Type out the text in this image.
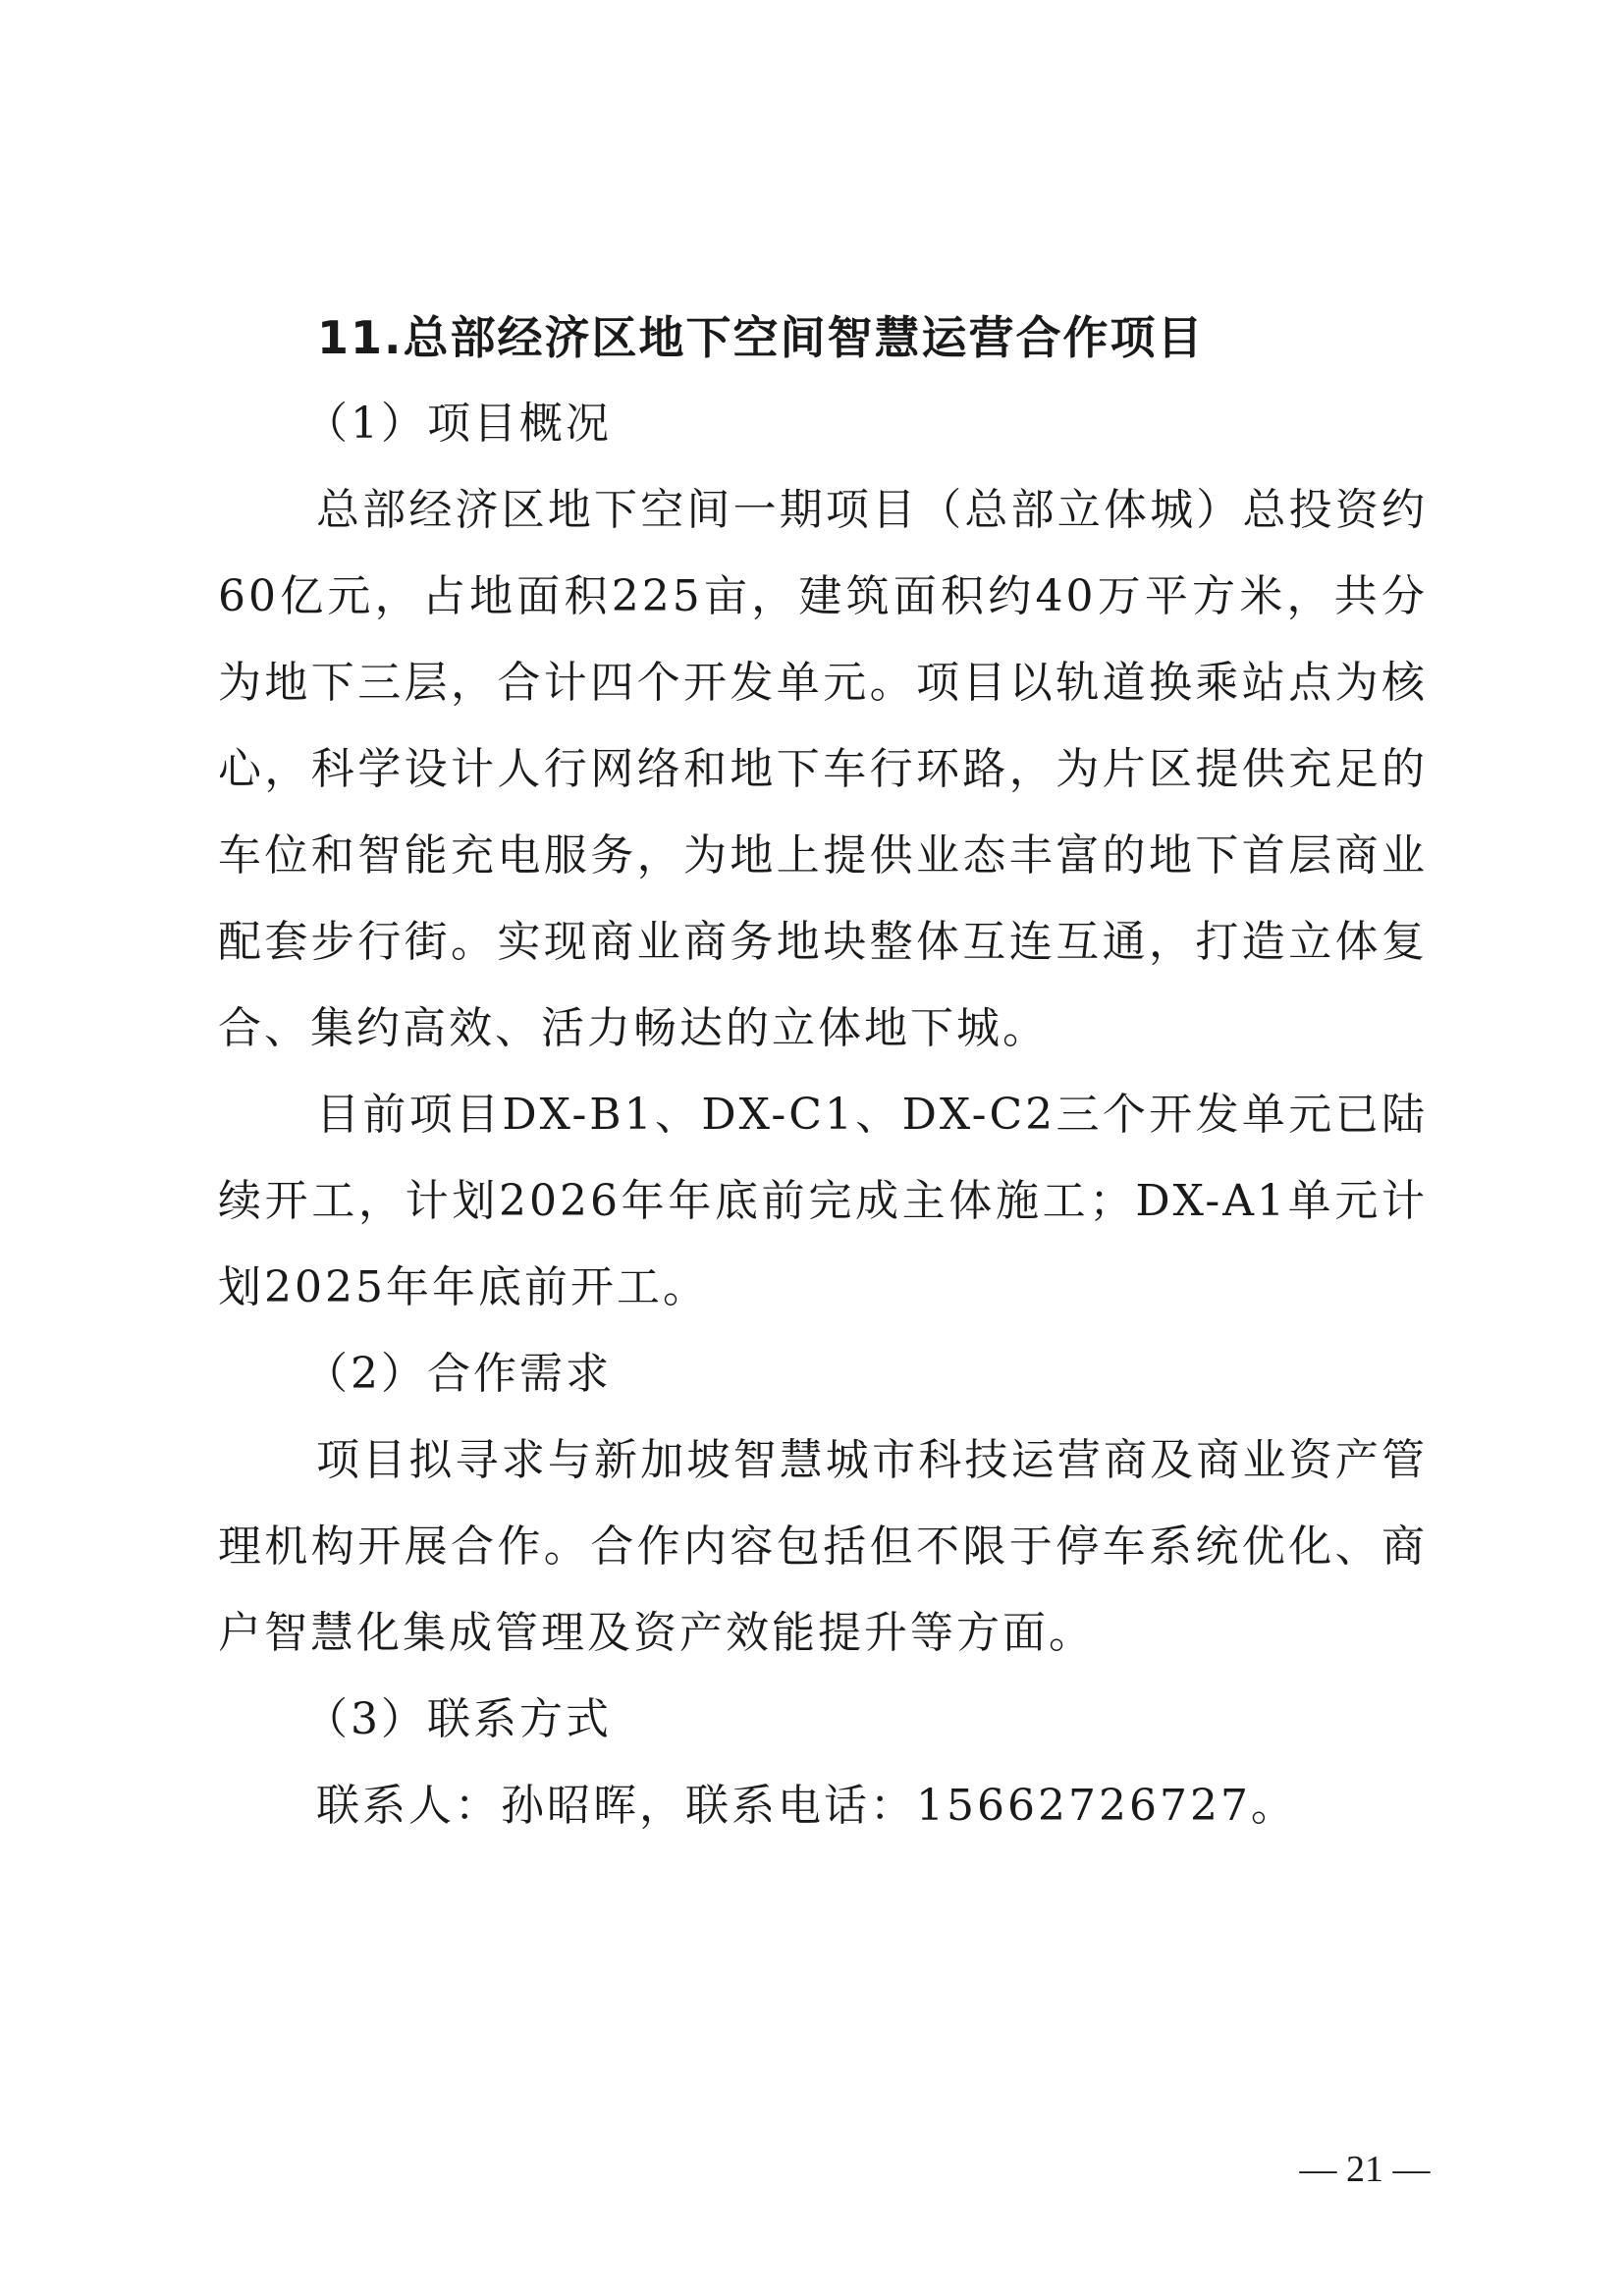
11.总部经济区地下空间智慧运营合作项目
（1）项目概况

总部经济区地下空间一期项目（总部立体城）总投资约60亿元，占地面积225亩，建筑面积约40万平方米，共分为地下三层，合计四个开发单元。项目以轨道换乘站点为核心，科学设计人行网络和地下车行环路，为片区提供充足的车位和智能充电服务，为地上提供业态丰富的地下首层商业配套步行街。实现商业商务地块整体互连互通，打造立体复合、集约高效、活力畅达的立体地下城。

目前项目DX-B1、DX-C1、DX-C2三个开发单元已陆续开工，计划2026年年底前完成主体施工；DX-A1单元计划2025年年底前开工。

（2）合作需求

项目拟寻求与新加坡智慧城市科技运营商及商业资产管理机构开展合作。合作内容包括但不限于停车系统优化、商户智慧化集成管理及资产效能提升等方面。

（3）联系方式

联系人：孙昭晖，联系电话：15662726727。

— 21 —
